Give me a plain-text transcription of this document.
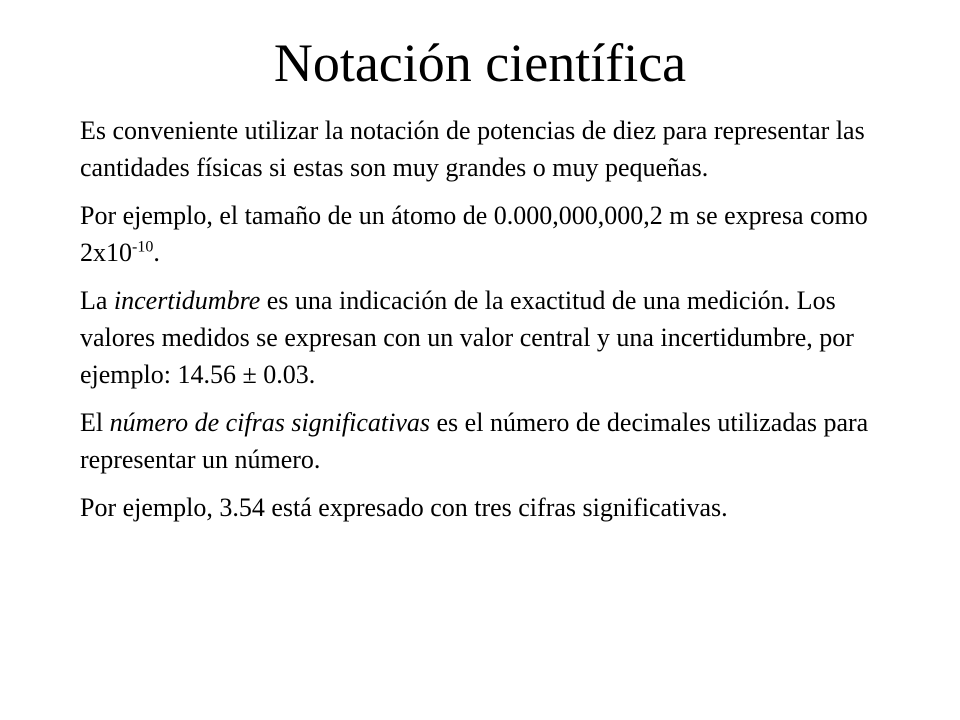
Notación científica

Es conveniente utilizar la notación de potencias de diez para representar las cantidades físicas si estas son muy grandes o muy pequeñas.

Por ejemplo, el tamaño de un átomo de 0.000,000,000,2 m se expresa como $2x10^{-10}$.

La incertidumbre es una indicación de la exactitud de una medición. Los valores medidos se expresan con un valor central y una incertidumbre, por ejemplo: 14.56 ± 0.03.

El número de cifras significativas es el número de decimales utilizadas para representar un número.

Por ejemplo, 3.54 está expresado con tres cifras significativas.
